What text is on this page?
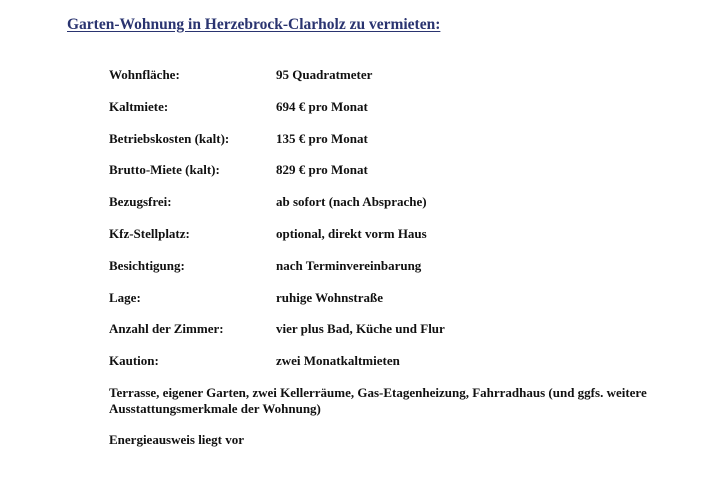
Garten-Wohnung in Herzebrock-Clarholz zu vermieten:
Wohnfläche:	95 Quadratmeter
Kaltmiete:	694 € pro Monat
Betriebskosten (kalt):	135 € pro Monat
Brutto-Miete (kalt):	829 € pro Monat
Bezugsfrei:	ab sofort (nach Absprache)
Kfz-Stellplatz:	optional, direkt vorm Haus
Besichtigung:	nach Terminvereinbarung
Lage:	ruhige Wohnstraße
Anzahl der Zimmer:	vier plus Bad, Küche und Flur
Kaution:	zwei Monatkaltmieten
Terrasse, eigener Garten, zwei Kellerräume, Gas-Etagenheizung, Fahrradhaus (und ggfs. weitere Ausstattungsmerkmale der Wohnung)
Energieausweis liegt vor
